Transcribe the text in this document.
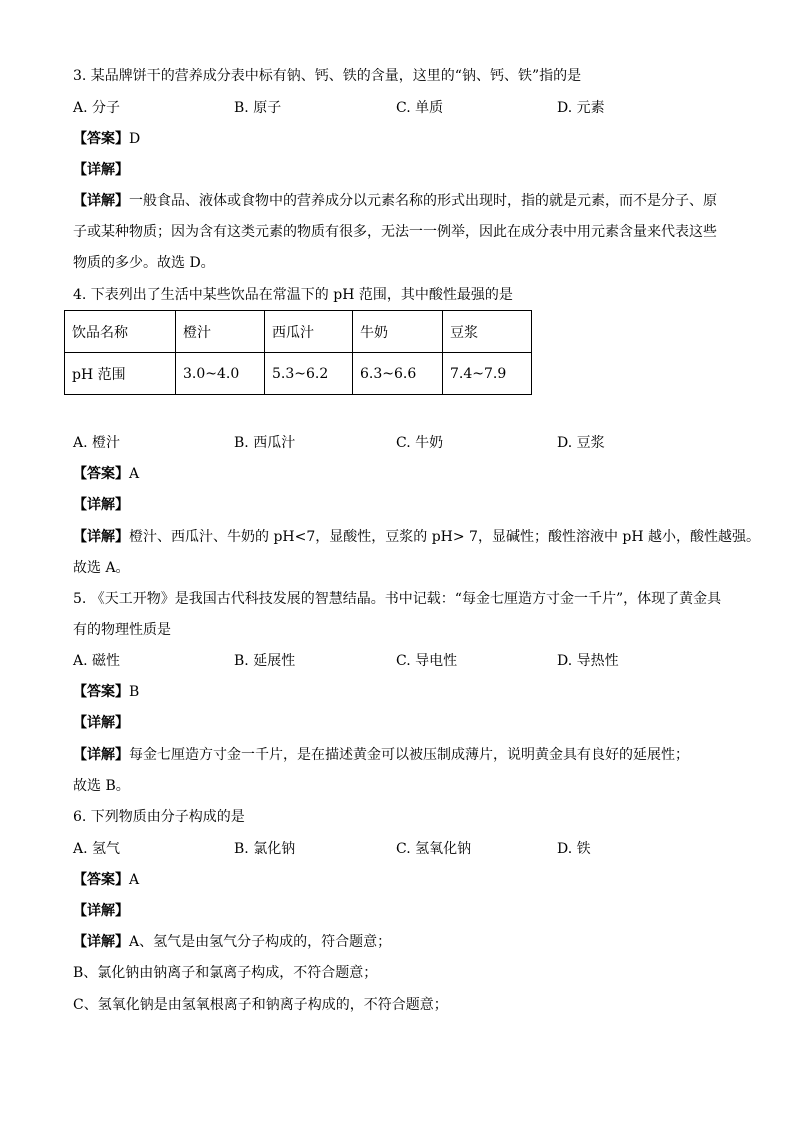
3. 某品牌饼干的营养成分表中标有钠、钙、铁的含量，这里的“钠、钙、铁”指的是
A. 分子	B. 原子	C. 单质	D. 元素
【答案】D
【详解】
【详解】一般食品、液体或食物中的营养成分以元素名称的形式出现时，指的就是元素，而不是分子、原
子或某种物质；因为含有这类元素的物质有很多，无法一一例举，因此在成分表中用元素含量来代表这些
物质的多少。故选 D。
4. 下表列出了生活中某些饮品在常温下的 pH 范围，其中酸性最强的是
饮品名称	橙汁	西瓜汁	牛奶	豆浆
pH 范围	3.0~4.0	5.3~6.2	6.3~6.6	7.4~7.9
A. 橙汁	B. 西瓜汁	C. 牛奶	D. 豆浆
【答案】A
【详解】
【详解】橙汁、西瓜汁、牛奶的 pH<7，显酸性，豆浆的 pH> 7，显碱性；酸性溶液中 pH 越小，酸性越强。
故选 A。
5. 《天工开物》是我国古代科技发展的智慧结晶。书中记载：“每金七厘造方寸金一千片”，体现了黄金具
有的物理性质是
A. 磁性	B. 延展性	C. 导电性	D. 导热性
【答案】B
【详解】
【详解】每金七厘造方寸金一千片，是在描述黄金可以被压制成薄片，说明黄金具有良好的延展性；
故选 B。
6. 下列物质由分子构成的是
A. 氢气	B. 氯化钠	C. 氢氧化钠	D. 铁
【答案】A
【详解】
【详解】A、氢气是由氢气分子构成的，符合题意；
B、氯化钠由钠离子和氯离子构成，不符合题意；
C、氢氧化钠是由氢氧根离子和钠离子构成的，不符合题意；
